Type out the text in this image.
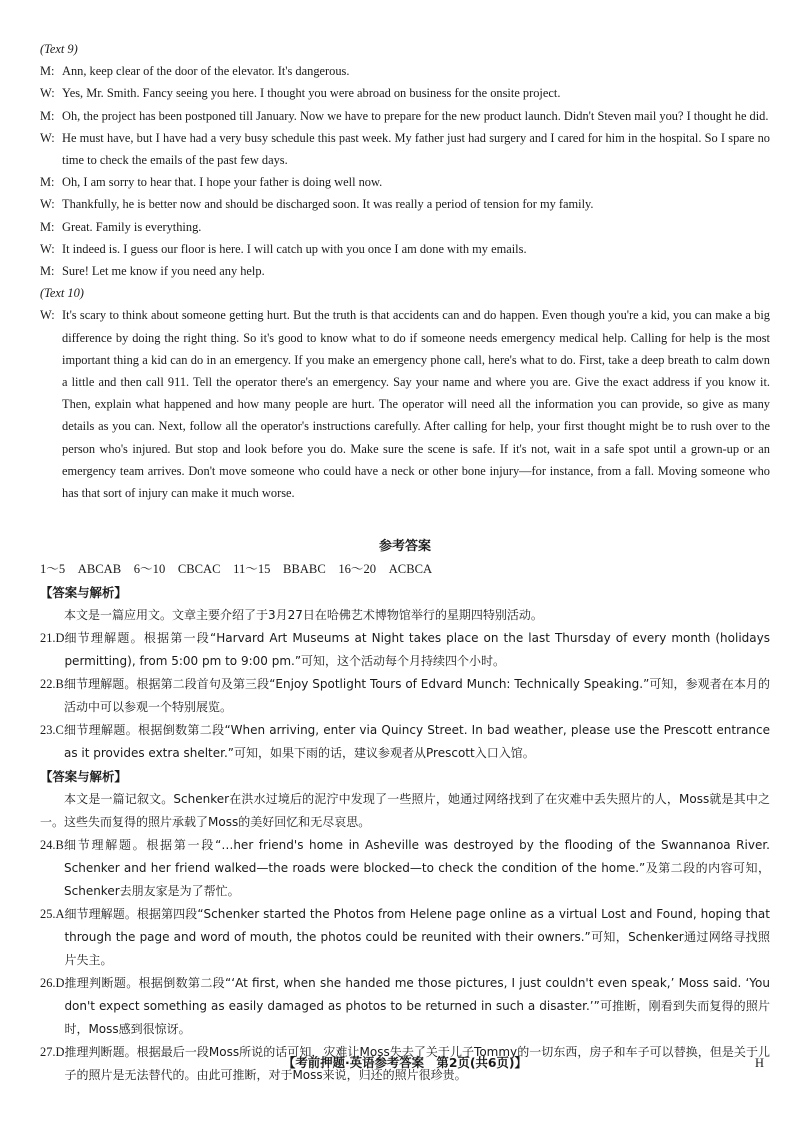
(Text 9)
M: Ann, keep clear of the door of the elevator. It's dangerous.
W: Yes, Mr. Smith. Fancy seeing you here. I thought you were abroad on business for the onsite project.
M: Oh, the project has been postponed till January. Now we have to prepare for the new product launch. Didn't Steven mail you? I thought he did.
W: He must have, but I have had a very busy schedule this past week. My father just had surgery and I cared for him in the hospital. So I spare no time to check the emails of the past few days.
M: Oh, I am sorry to hear that. I hope your father is doing well now.
W: Thankfully, he is better now and should be discharged soon. It was really a period of tension for my family.
M: Great. Family is everything.
W: It indeed is. I guess our floor is here. I will catch up with you once I am done with my emails.
M: Sure! Let me know if you need any help.
(Text 10)
W: It's scary to think about someone getting hurt. But the truth is that accidents can and do happen. Even though you're a kid, you can make a big difference by doing the right thing. So it's good to know what to do if someone needs emergency medical help. Calling for help is the most important thing a kid can do in an emergency. If you make an emergency phone call, here's what to do. First, take a deep breath to calm down a little and then call 911. Tell the operator there's an emergency. Say your name and where you are. Give the exact address if you know it. Then, explain what happened and how many people are hurt. The operator will need all the information you can provide, so give as many details as you can. Next, follow all the operator's instructions carefully. After calling for help, your first thought might be to rush over to the person who's injured. But stop and look before you do. Make sure the scene is safe. If it's not, wait in a safe spot until a grown-up or an emergency team arrives. Don't move someone who could have a neck or other bone injury—for instance, from a fall. Moving someone who has that sort of injury can make it much worse.
参考答案
1～5　ABCAB　6～10　CBCAC　11～15　BBABC　16～20　ACBCA
【答案与解析】
本文是一篇应用文。文章主要介绍了于3月27日在哈佛艺术博物馆举行的星期四特别活动。
21.D 细节理解题。根据第一段“Harvard Art Museums at Night takes place on the last Thursday of every month (holidays permitting), from 5:00 pm to 9:00 pm.”可知，这个活动每个月持续四个小时。
22.B 细节理解题。根据第二段首句及第三段“Enjoy Spotlight Tours of Edvard Munch: Technically Speaking.”可知，参观者在本月的活动中可以参观一个特别展览。
23.C 细节理解题。根据倒数第二段“When arriving, enter via Quincy Street. In bad weather, please use the Prescott entrance as it provides extra shelter.”可知，如果下雨的话，建议参观者从Prescott入口入馆。
【答案与解析】
本文是一篇记叙文。Schenker在洪水过境后的泥泞中发现了一些照片，她通过网络找到了在灾难中丢失照片的人，Moss就是其中之一。这些失而复得的照片承载了Moss的美好回忆和无尽哀思。
24.B 细节理解题。根据第一段“…her friend's home in Asheville was destroyed by the flooding of the Swannanoa River. Schenker and her friend walked—the roads were blocked—to check the condition of the home.”及第二段的内容可知，Schenker去朋友家是为了帮忙。
25.A 细节理解题。根据第四段“Schenker started the Photos from Helene page online as a virtual Lost and Found, hoping that through the page and word of mouth, the photos could be reunited with their owners.”可知，Schenker通过网络寻找照片失主。
26.D 推理判断题。根据倒数第二段“‘At first, when she handed me those pictures, I just couldn't even speak,’ Moss said. ‘You don't expect something as easily damaged as photos to be returned in such a disaster.’”可推断，刚看到失而复得的照片时，Moss感到很惊讶。
27.D 推理判断题。根据最后一段Moss所说的话可知，灾难让Moss失去了关于儿子Tommy的一切东西，房子和车子可以替换，但是关于儿子的照片是无法替代的。由此可推断，对于Moss来说，归还的照片很珍贵。
【考前押题·英语参考答案　第2页(共6页)】	H
